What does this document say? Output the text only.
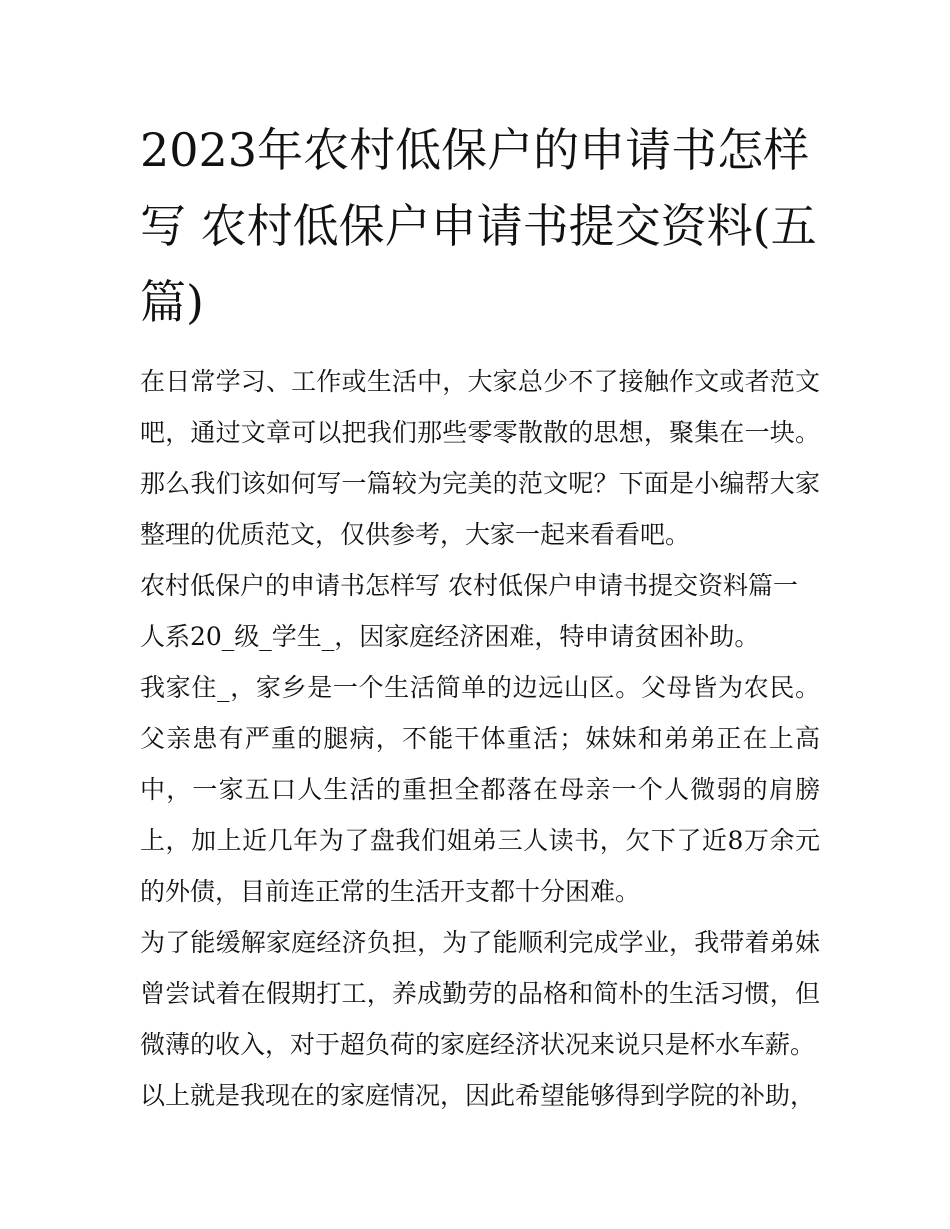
2023年农村低保户的申请书怎样写 农村低保户申请书提交资料(五篇)

在日常学习、工作或生活中，大家总少不了接触作文或者范文吧，通过文章可以把我们那些零零散散的思想，聚集在一块。那么我们该如何写一篇较为完美的范文呢？下面是小编帮大家整理的优质范文，仅供参考，大家一起来看看吧。

农村低保户的申请书怎样写 农村低保户申请书提交资料篇一

人系20_级_学生_，因家庭经济困难，特申请贫困补助。

我家住_，家乡是一个生活简单的边远山区。父母皆为农民。父亲患有严重的腿病，不能干体重活；妹妹和弟弟正在上高中，一家五口人生活的重担全都落在母亲一个人微弱的肩膀上，加上近几年为了盘我们姐弟三人读书，欠下了近8万余元的外债，目前连正常的生活开支都十分困难。

为了能缓解家庭经济负担，为了能顺利完成学业，我带着弟妹曾尝试着在假期打工，养成勤劳的品格和简朴的生活习惯，但微薄的收入，对于超负荷的家庭经济状况来说只是杯水车薪。

以上就是我现在的家庭情况，因此希望能够得到学院的补助，
